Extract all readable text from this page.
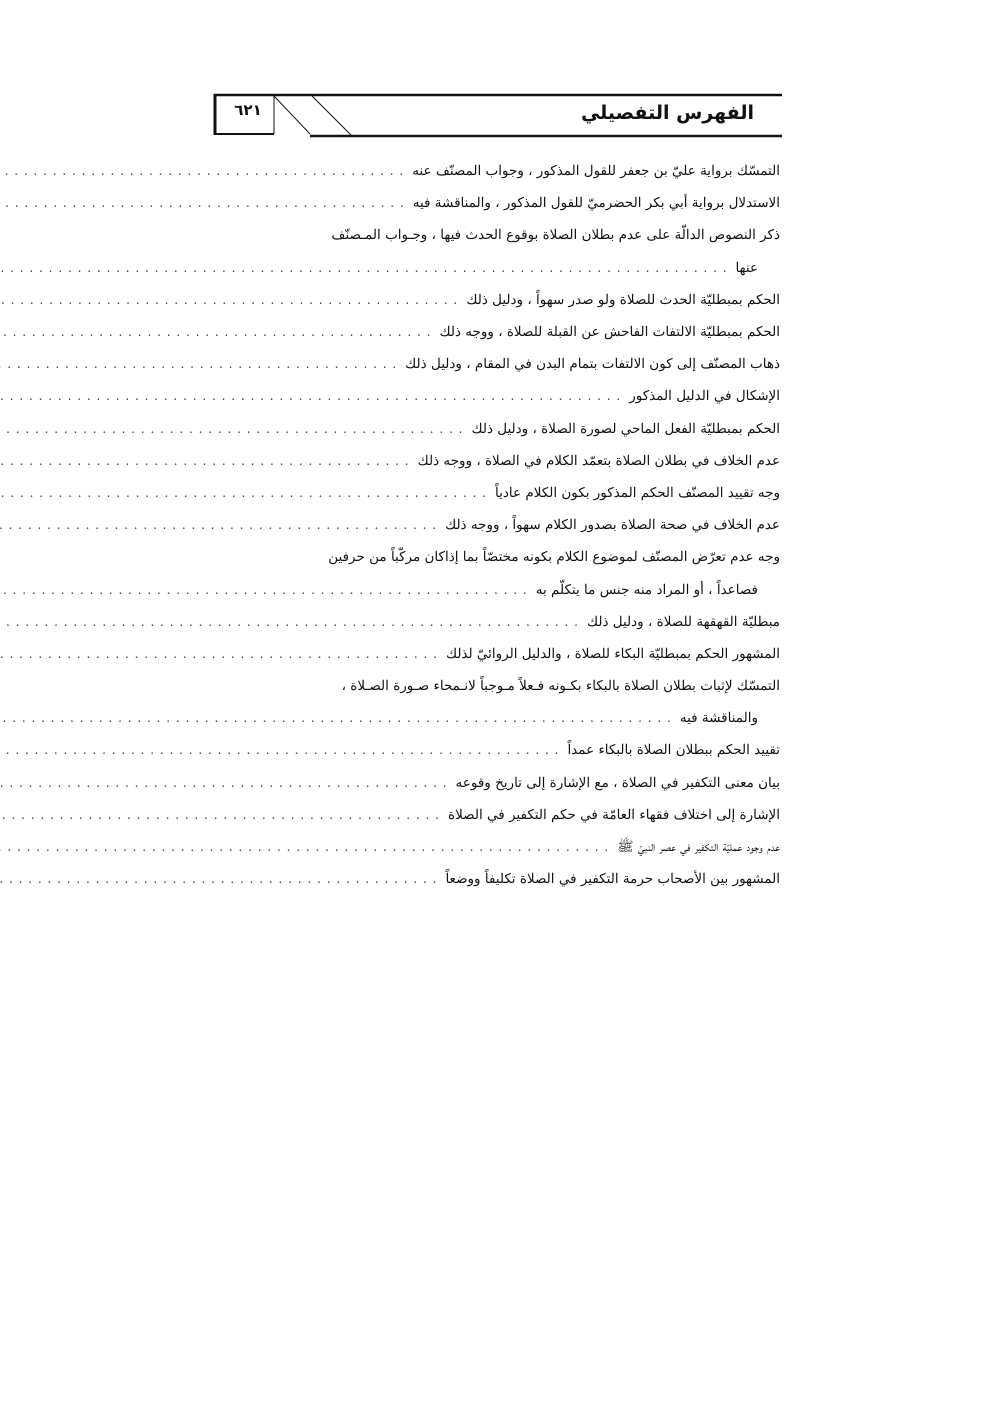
٦٢١	الفهرس التفصيلي
التمسّك برواية عليّ بن جعفر للقول المذكور ، وجواب المصنّف عنه
. . .
الاستدلال برواية أبي بكر الحضرميّ للقول المذكور ، والمناقشة فيه
. . .
ذكر النصوص الدالّة على عدم بطلان الصلاة بوقوع الحدث فيها ، وجـواب المـصنّف
عنها
. . .
الحكم بمبطليّة الحدث للصلاة ولو صدر سهواً ، ودليل ذلك
. . .
الحكم بمبطليّة الالتفات الفاحش عن القبلة للصلاة ، ووجه ذلك
. . .
ذهاب المصنّف إلى كون الالتفات بتمام البدن في المقام ، ودليل ذلك
. . .
الإشكال في الدليل المذكور
. . .
الحكم بمبطليّة الفعل الماحي لصورة الصلاة ، ودليل ذلك
. . .
عدم الخلاف في بطلان الصلاة بتعمّد الكلام في الصلاة ، ووجه ذلك
. . .
وجه تقييد المصنّف الحكم المذكور بكون الكلام عادياً
. . .
عدم الخلاف في صحة الصلاة بصدور الكلام سهواً ، ووجه ذلك
. . .
وجه عدم تعرّض المصنّف لموضوع الكلام بكونه مختصّاً بما إذاكان مركّباً من حرفين
فصاعداً ، أو المراد منه جنس ما يتكلّم به
. . .
مبطليّة القهقهة للصلاة ، ودليل ذلك
. . .
المشهور الحكم بمبطليّة البكاء للصلاة ، والدليل الروائيّ لذلك
. . .
التمسّك لإثبات بطلان الصلاة بالبكاء بكـونه فـعلاً مـوجباً لانـمحاء صـورة الصـلاة ،
والمناقشة فيه
. . .
تقييد الحكم ببطلان الصلاة بالبكاء عمداً
. . .
بيان معنى التكفير في الصلاة ، مع الإشارة إلى تاريخ وقوعه
. . .
الإشارة إلى اختلاف فقهاء العامّة في حكم التكفير في الصلاة
. . .
عدم وجود عمليّة التكفير في عصر النبيّ ﷺ
. . .
المشهور بين الأصحاب حرمة التكفير في الصلاة تكليفاً ووضعاً
. . .
